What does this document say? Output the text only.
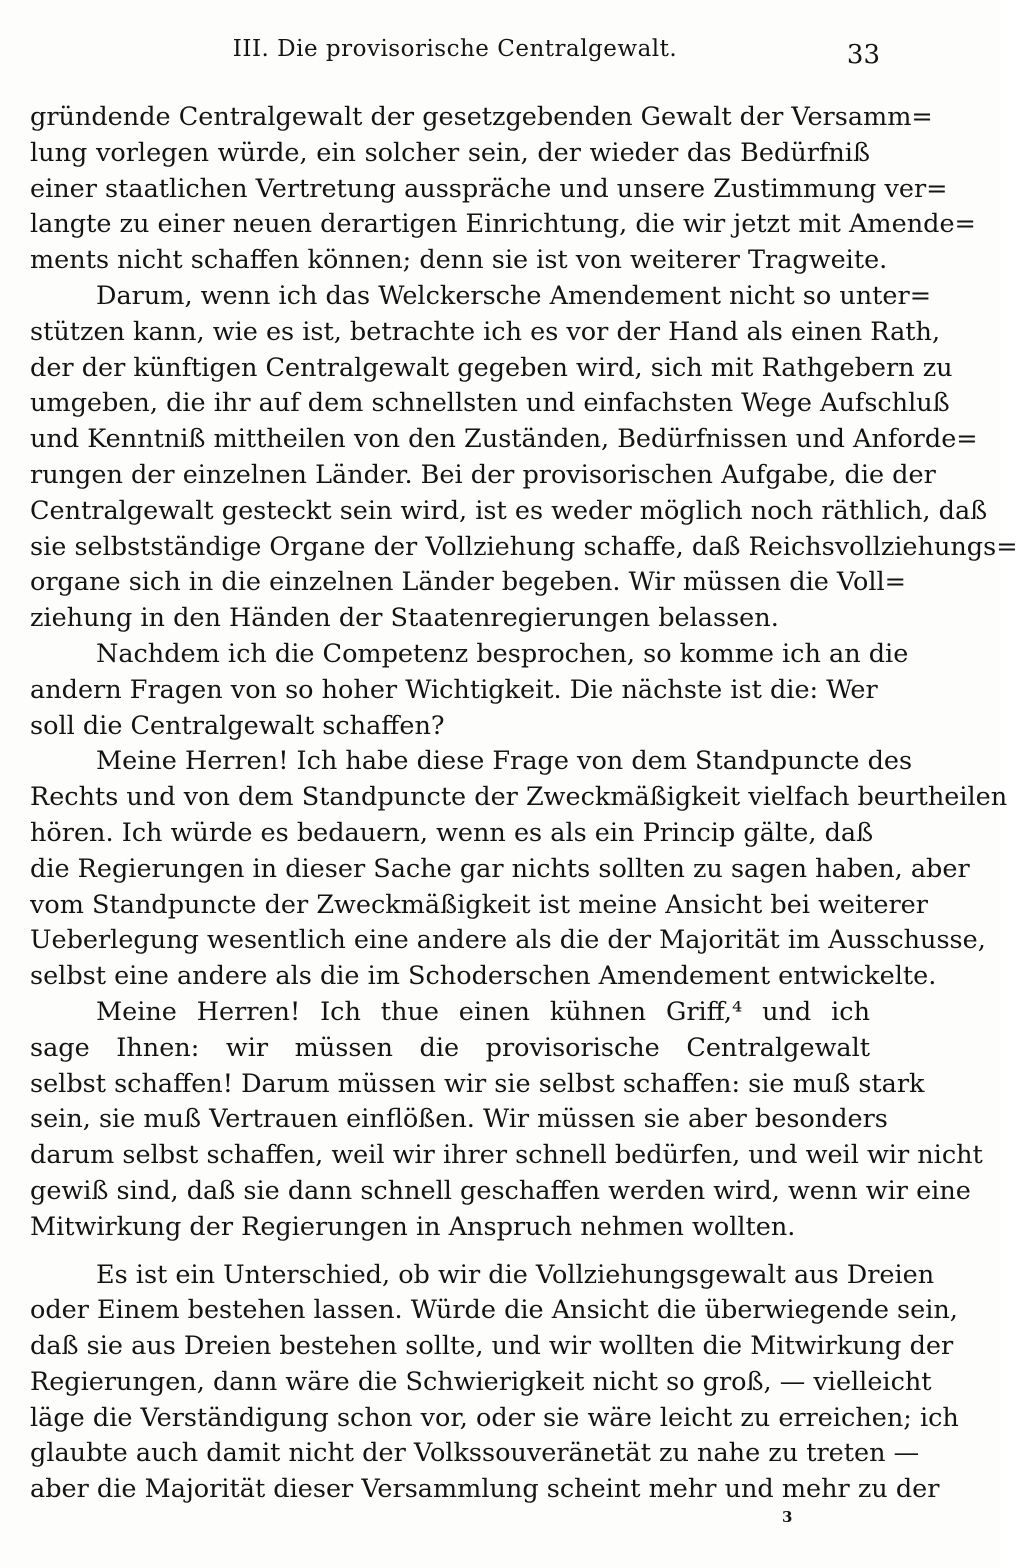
III. Die provisorische Centralgewalt.	33
gründende Centralgewalt der gesetzgebenden Gewalt der Versamm=
lung vorlegen würde, ein solcher sein, der wieder das Bedürfniß
einer staatlichen Vertretung ausspräche und unsere Zustimmung ver=
langte zu einer neuen derartigen Einrichtung, die wir jetzt mit Amende=
ments nicht schaffen können; denn sie ist von weiterer Tragweite.
Darum, wenn ich das Welckersche Amendement nicht so unter=
stützen kann, wie es ist, betrachte ich es vor der Hand als einen Rath,
der der künftigen Centralgewalt gegeben wird, sich mit Rathgebern zu
umgeben, die ihr auf dem schnellsten und einfachsten Wege Aufschluß
und Kenntniß mittheilen von den Zuständen, Bedürfnissen und Anforde=
rungen der einzelnen Länder. Bei der provisorischen Aufgabe, die der
Centralgewalt gesteckt sein wird, ist es weder möglich noch räthlich, daß
sie selbstständige Organe der Vollziehung schaffe, daß Reichsvollziehungs=
organe sich in die einzelnen Länder begeben. Wir müssen die Voll=
ziehung in den Händen der Staatenregierungen belassen.
Nachdem ich die Competenz besprochen, so komme ich an die
andern Fragen von so hoher Wichtigkeit. Die nächste ist die: Wer
soll die Centralgewalt schaffen?
Meine Herren! Ich habe diese Frage von dem Standpuncte des
Rechts und von dem Standpuncte der Zweckmäßigkeit vielfach beurtheilen
hören. Ich würde es bedauern, wenn es als ein Princip gälte, daß
die Regierungen in dieser Sache gar nichts sollten zu sagen haben, aber
vom Standpuncte der Zweckmäßigkeit ist meine Ansicht bei weiterer
Ueberlegung wesentlich eine andere als die der Majorität im Ausschusse,
selbst eine andere als die im Schoderschen Amendement entwickelte.
Meine Herren! Ich thue einen kühnen Griff,⁴ und ich
sage Ihnen: wir müssen die provisorische Centralgewalt
selbst schaffen! Darum müssen wir sie selbst schaffen: sie muß stark
sein, sie muß Vertrauen einflößen. Wir müssen sie aber besonders
darum selbst schaffen, weil wir ihrer schnell bedürfen, und weil wir nicht
gewiß sind, daß sie dann schnell geschaffen werden wird, wenn wir eine
Mitwirkung der Regierungen in Anspruch nehmen wollten.
Es ist ein Unterschied, ob wir die Vollziehungsgewalt aus Dreien
oder Einem bestehen lassen. Würde die Ansicht die überwiegende sein,
daß sie aus Dreien bestehen sollte, und wir wollten die Mitwirkung der
Regierungen, dann wäre die Schwierigkeit nicht so groß, — vielleicht
läge die Verständigung schon vor, oder sie wäre leicht zu erreichen; ich
glaubte auch damit nicht der Volkssouveränetät zu nahe zu treten —
aber die Majorität dieser Versammlung scheint mehr und mehr zu der
3
